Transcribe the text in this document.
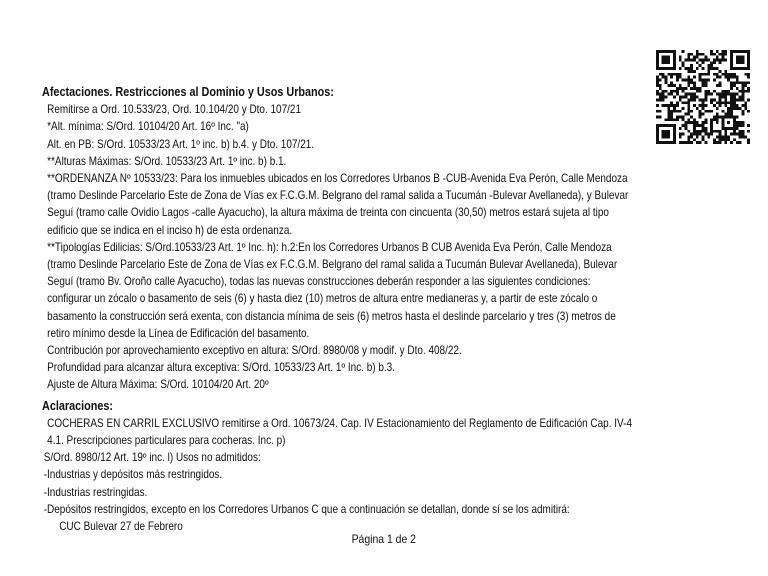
Afectaciones. Restricciones al Dominio y Usos Urbanos:
Remitirse a Ord. 10.533/23, Ord. 10.104/20 y Dto. 107/21
*Alt. mínima: S/Ord. 10104/20 Art. 16º Inc. "a)
Alt. en PB: S/Ord. 10533/23 Art. 1º inc. b) b.4. y Dto. 107/21.
**Alturas Máximas: S/Ord. 10533/23 Art. 1º inc. b) b.1.
**ORDENANZA Nº 10533/23: Para los inmuebles ubicados en los Corredores Urbanos B -CUB-Avenida Eva Perón, Calle Mendoza
(tramo Deslinde Parcelario Este de Zona de Vías ex F.C.G.M. Belgrano del ramal salida a Tucumán -Bulevar Avellaneda), y Bulevar
Seguí (tramo calle Ovidio Lagos -calle Ayacucho), la altura máxima de treinta con cincuenta (30,50) metros estará sujeta al tipo
edificio que se indica en el inciso h) de esta ordenanza.
**Tipologías Edilicias: S/Ord.10533/23 Art. 1º Inc. h): h.2:En los Corredores Urbanos B CUB Avenida Eva Perón, Calle Mendoza
(tramo Deslinde Parcelario Este de Zona de Vías ex F.C.G.M. Belgrano del ramal salida a Tucumán Bulevar Avellaneda), Bulevar
Seguí (tramo Bv. Oroño calle Ayacucho), todas las nuevas construcciones deberán responder a las siguientes condiciones:
configurar un zócalo o basamento de seis (6) y hasta diez (10) metros de altura entre medianeras y, a partir de este zócalo o
basamento la construcción será exenta, con distancia mínima de seis (6) metros hasta el deslinde parcelario y tres (3) metros de
retiro mínimo desde la Línea de Edificación del basamento.
Contribución por aprovechamiento exceptivo en altura: S/Ord. 8980/08 y modif. y Dto. 408/22.
Profundidad para alcanzar altura exceptiva: S/Ord. 10533/23 Art. 1º Inc. b) b.3.
Ajuste de Altura Máxima: S/Ord. 10104/20 Art. 20º
Aclaraciones:
COCHERAS EN CARRIL EXCLUSIVO remitirse a Ord. 10673/24. Cap. IV Estacionamiento del Reglamento de Edificación Cap. IV-4
4.1. Prescripciones particulares para cocheras. Inc. p)
S/Ord. 8980/12 Art. 19º inc. l) Usos no admitidos:
-Industrias y depósitos más restringidos.
-Industrias restringidas.
-Depósitos restringidos, excepto en los Corredores Urbanos C que a continuación se detallan, donde sí se los admitirá:
CUC Bulevar 27 de Febrero
Página 1 de 2
